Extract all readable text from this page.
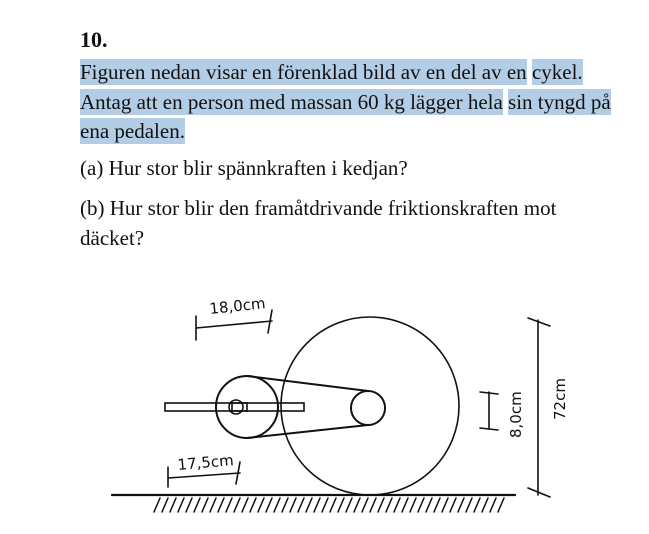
10.
Figuren nedan visar en förenklad bild av en del av en cykel. Antag att en person med massan 60 kg lägger hela sin tyngd på ena pedalen.
(a) Hur stor blir spännkraften i kedjan?
(b) Hur stor blir den framåtdrivande friktionskraften mot däcket?
18,0cm
17,5cm
8,0cm 72cm
